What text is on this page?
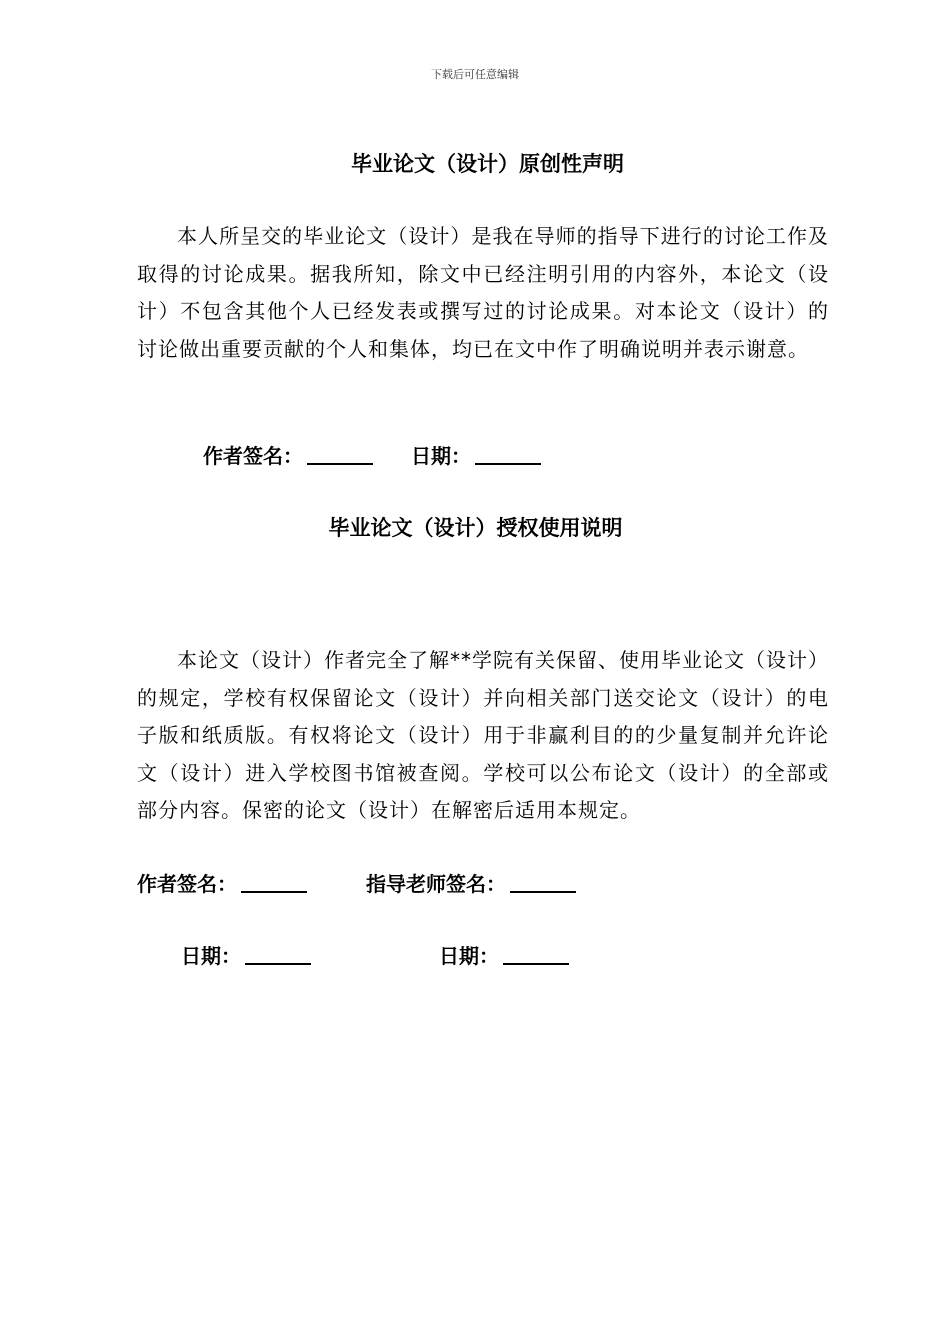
下载后可任意编辑
毕业论文（设计）原创性声明
本人所呈交的毕业论文（设计）是我在导师的指导下进行的讨论工作及取得的讨论成果。据我所知，除文中已经注明引用的内容外，本论文（设计）不包含其他个人已经发表或撰写过的讨论成果。对本论文（设计）的讨论做出重要贡献的个人和集体，均已在文中作了明确说明并表示谢意。
作者签名：	日期：
毕业论文（设计）授权使用说明
本论文（设计）作者完全了解**学院有关保留、使用毕业论文（设计）的规定，学校有权保留论文（设计）并向相关部门送交论文（设计）的电子版和纸质版。有权将论文（设计）用于非赢利目的的少量复制并允许论文（设计）进入学校图书馆被查阅。学校可以公布论文（设计）的全部或部分内容。保密的论文（设计）在解密后适用本规定。
作者签名：	指导老师签名：
日期：	日期：
